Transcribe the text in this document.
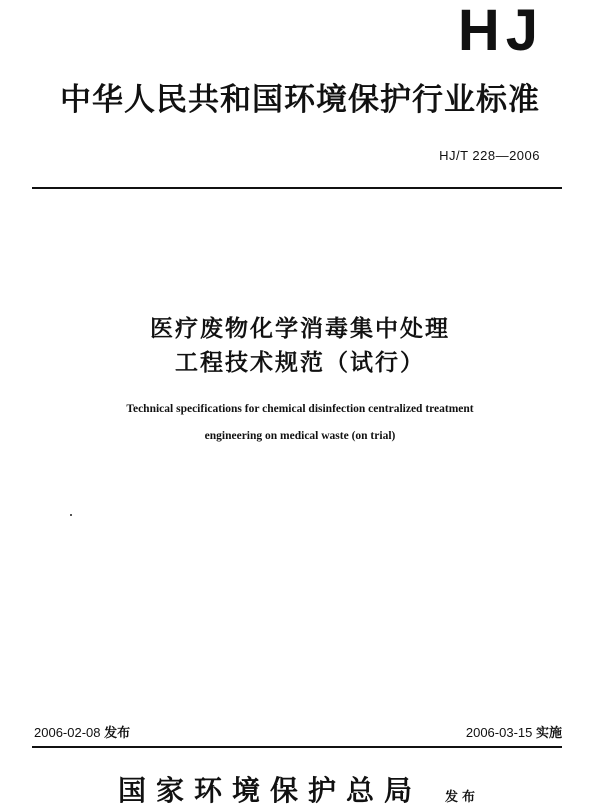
HJ
中华人民共和国环境保护行业标准
HJ/T 228—2006
医疗废物化学消毒集中处理
工程技术规范（试行）
Technical specifications for chemical disinfection centralized treatment
engineering on medical waste (on trial)
2006-02-08 发布	2006-03-15 实施
国家环境保护总局 发布
